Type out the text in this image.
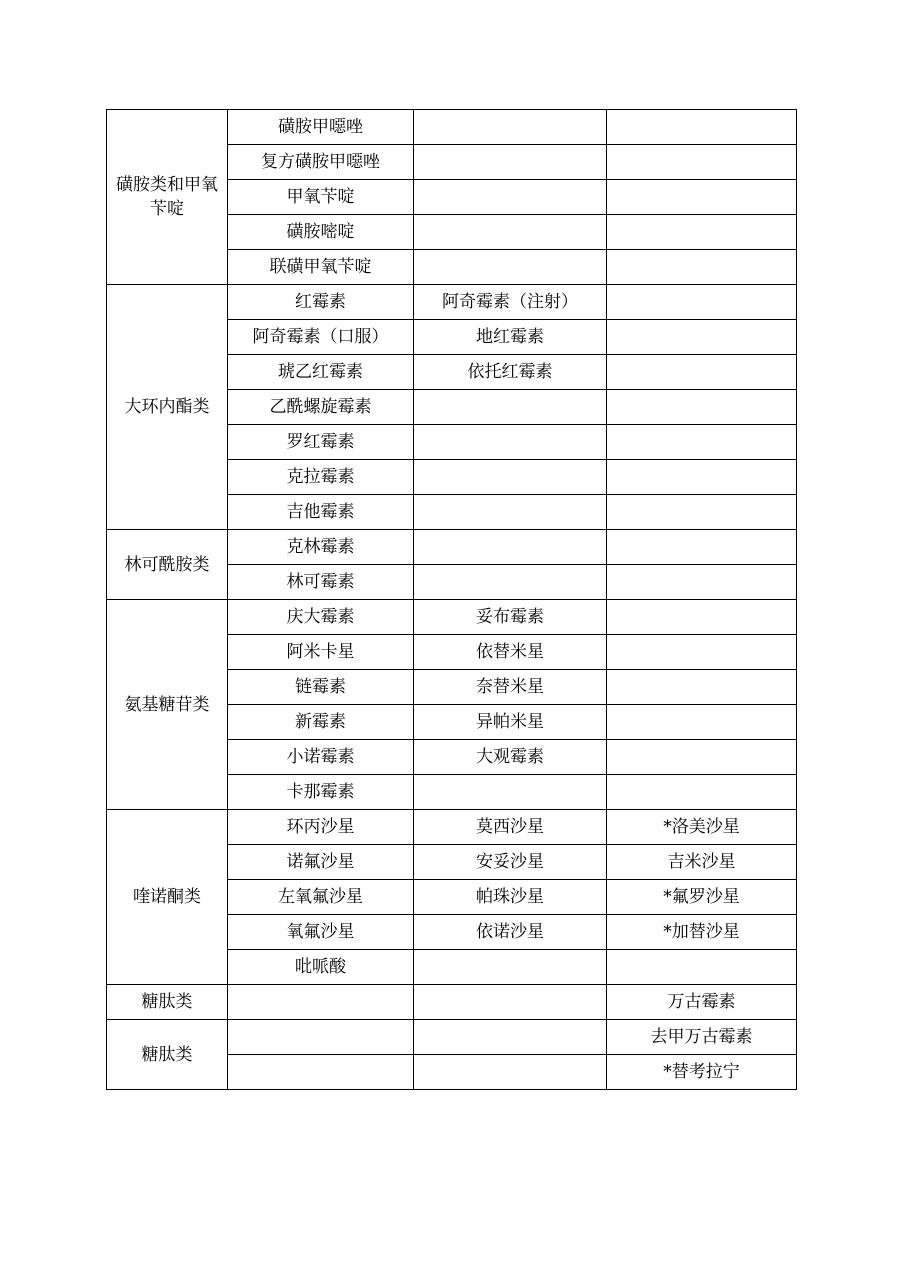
磺胺类和甲氧苄啶	磺胺甲噁唑		
	复方磺胺甲噁唑		
	甲氧苄啶		
	磺胺嘧啶		
	联磺甲氧苄啶		
大环内酯类	红霉素	阿奇霉素（注射）	
	阿奇霉素（口服）	地红霉素	
	琥乙红霉素	依托红霉素	
	乙酰螺旋霉素		
	罗红霉素		
	克拉霉素		
	吉他霉素		
林可酰胺类	克林霉素		
	林可霉素		
氨基糖苷类	庆大霉素	妥布霉素	
	阿米卡星	依替米星	
	链霉素	奈替米星	
	新霉素	异帕米星	
	小诺霉素	大观霉素	
	卡那霉素		
喹诺酮类	环丙沙星	莫西沙星	*洛美沙星
	诺氟沙星	安妥沙星	吉米沙星
	左氧氟沙星	帕珠沙星	*氟罗沙星
	氧氟沙星	依诺沙星	*加替沙星
	吡哌酸		
糖肽类			万古霉素
糖肽类			去甲万古霉素
			*替考拉宁
